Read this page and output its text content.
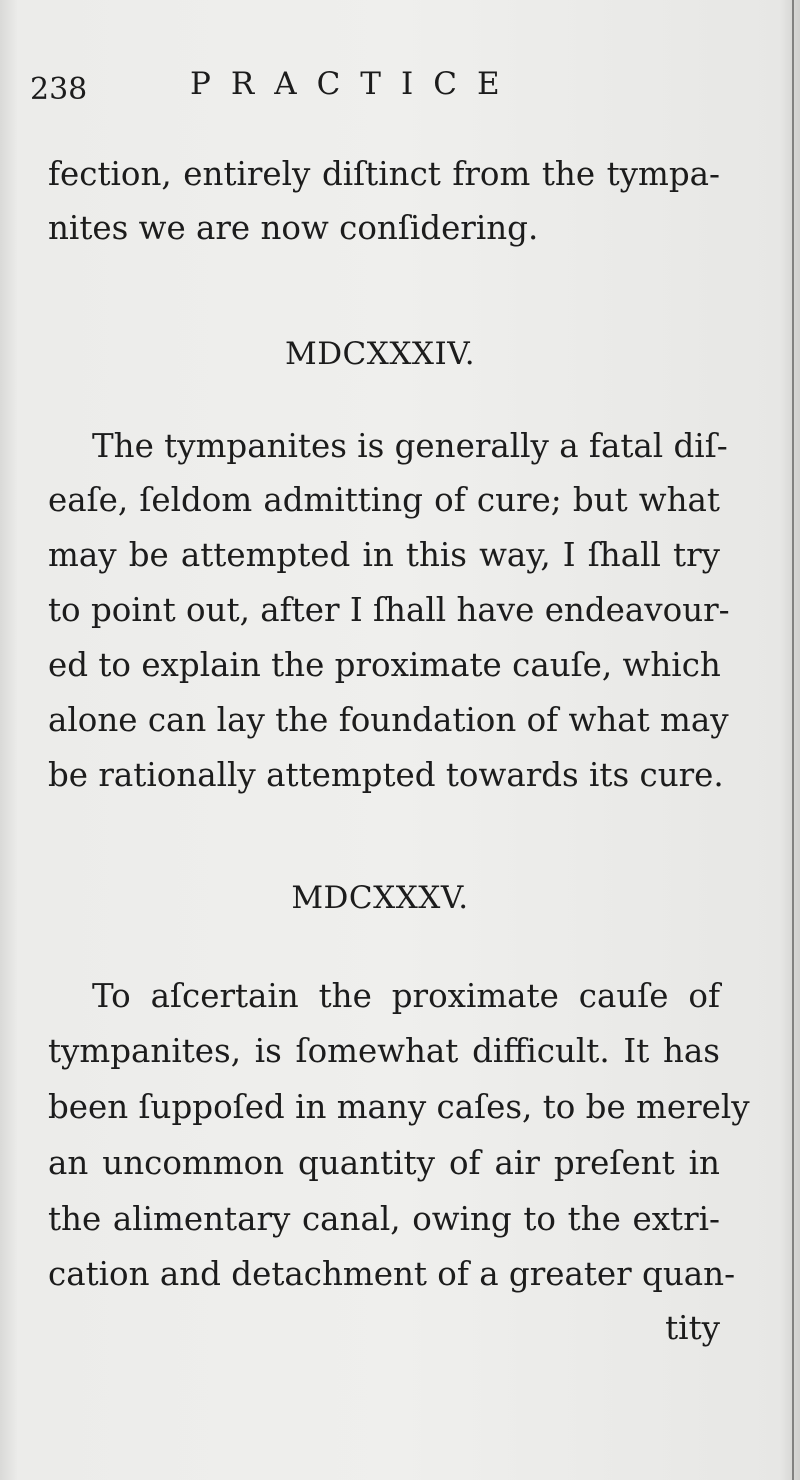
238	PRACTICE
fection, entirely diſtinct from the tympa-
nites we are now conſidering.
MDCXXXIV.
The tympanites is generally a fatal diſ-
eaſe, ſeldom admitting of cure; but what
may be attempted in this way, I ſhall try
to point out, after I ſhall have endeavour-
ed to explain the proximate cauſe, which
alone can lay the foundation of what may
be rationally attempted towards its cure.
MDCXXXV.
To aſcertain the proximate cauſe of
tympanites, is ſomewhat difficult. It has
been ſuppoſed in many caſes, to be merely
an uncommon quantity of air preſent in
the alimentary canal, owing to the extri-
cation and detachment of a greater quan-
tity
